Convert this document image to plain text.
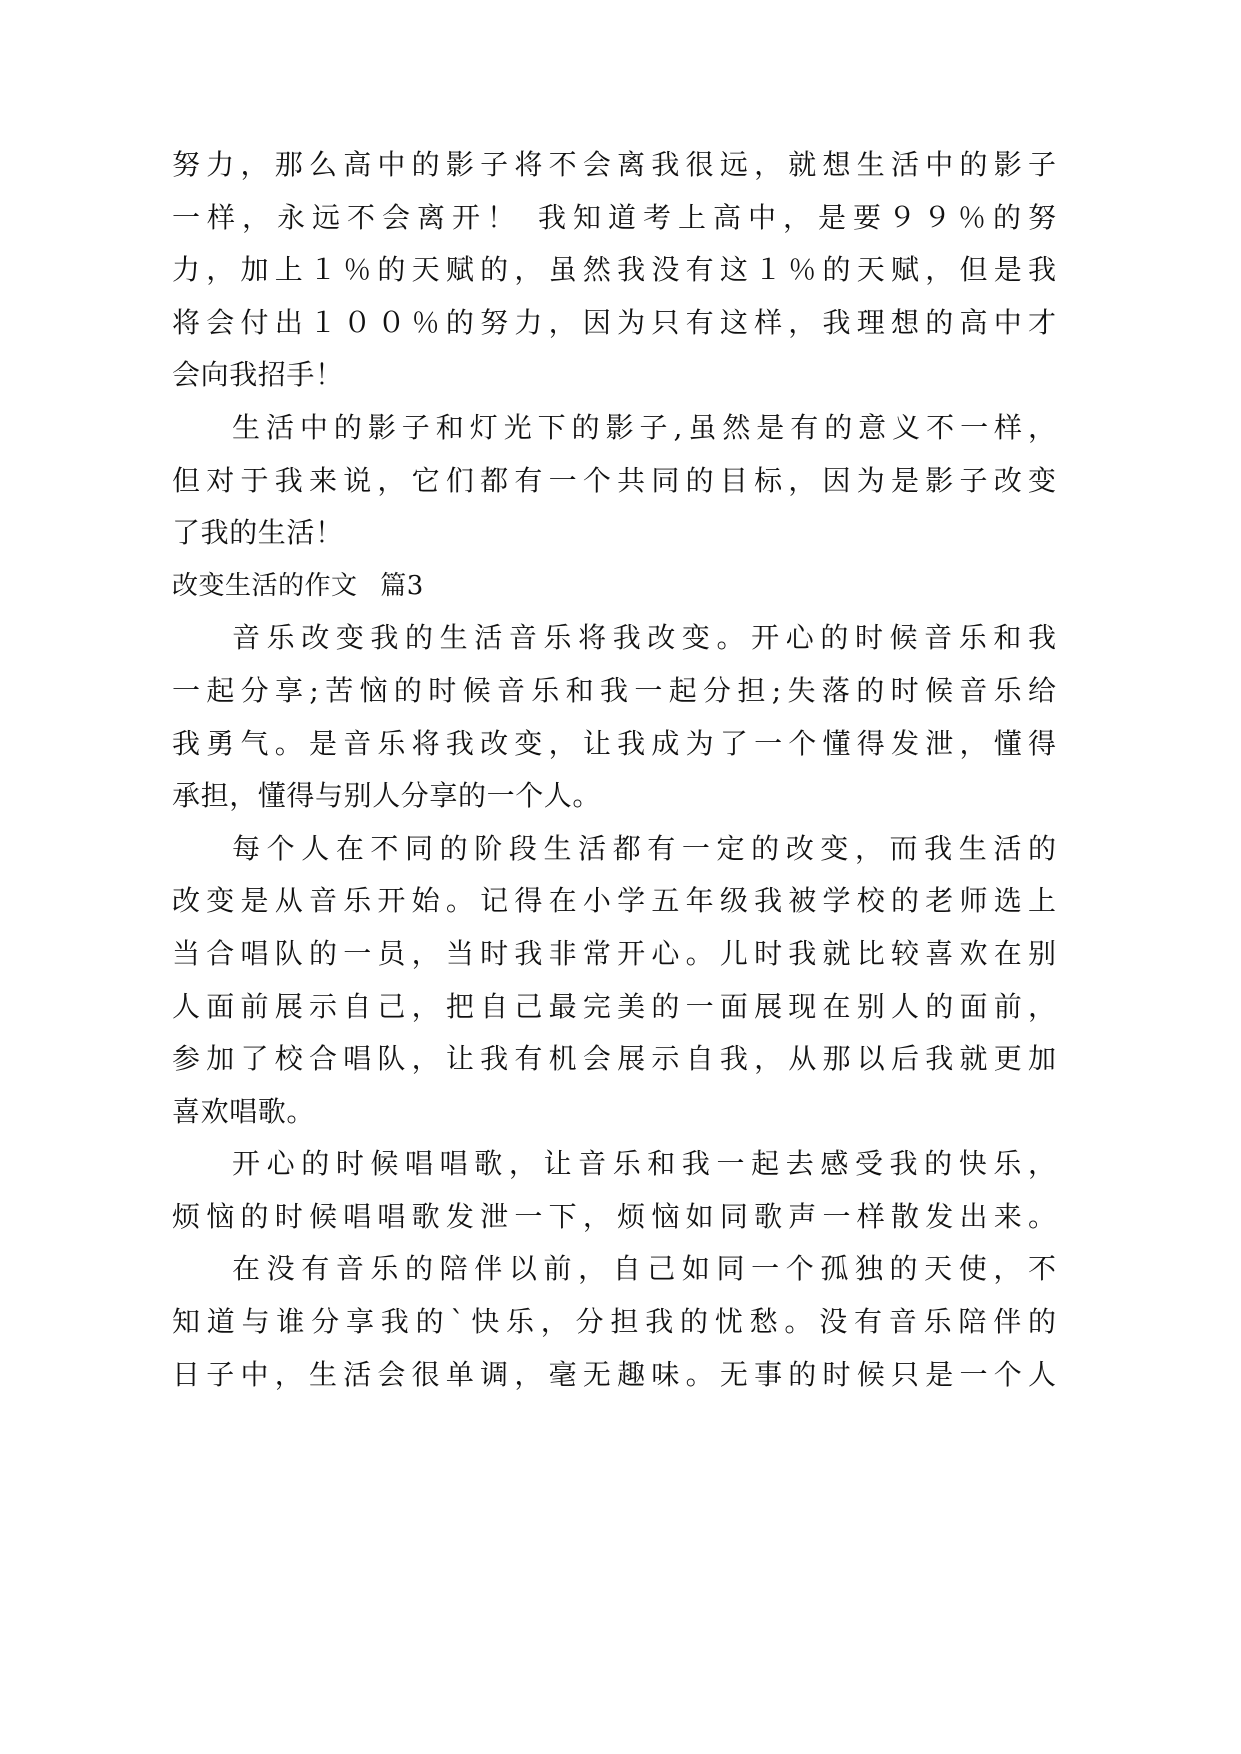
努力，那么高中的影子将不会离我很远，就想生活中的影子
一样，永远不会离开！ 我知道考上高中，是要９９％的努
力，加上１％的天赋的，虽然我没有这１％的天赋，但是我
将会付出１００％的努力，因为只有这样，我理想的高中才
会向我招手！
生活中的影子和灯光下的影子,虽然是有的意义不一样，
但对于我来说，它们都有一个共同的目标，因为是影子改变
了我的生活！
改变生活的作文 篇3
音乐改变我的生活音乐将我改变。开心的时候音乐和我
一起分享;苦恼的时候音乐和我一起分担;失落的时候音乐给
我勇气。是音乐将我改变，让我成为了一个懂得发泄，懂得
承担，懂得与别人分享的一个人。
每个人在不同的阶段生活都有一定的改变，而我生活的
改变是从音乐开始。记得在小学五年级我被学校的老师选上
当合唱队的一员，当时我非常开心。儿时我就比较喜欢在别
人面前展示自己，把自己最完美的一面展现在别人的面前，
参加了校合唱队，让我有机会展示自我，从那以后我就更加
喜欢唱歌。
开心的时候唱唱歌，让音乐和我一起去感受我的快乐，
烦恼的时候唱唱歌发泄一下，烦恼如同歌声一样散发出来。
在没有音乐的陪伴以前，自己如同一个孤独的天使，不
知道与谁分享我的`快乐，分担我的忧愁。没有音乐陪伴的
日子中，生活会很单调，毫无趣味。无事的时候只是一个人
